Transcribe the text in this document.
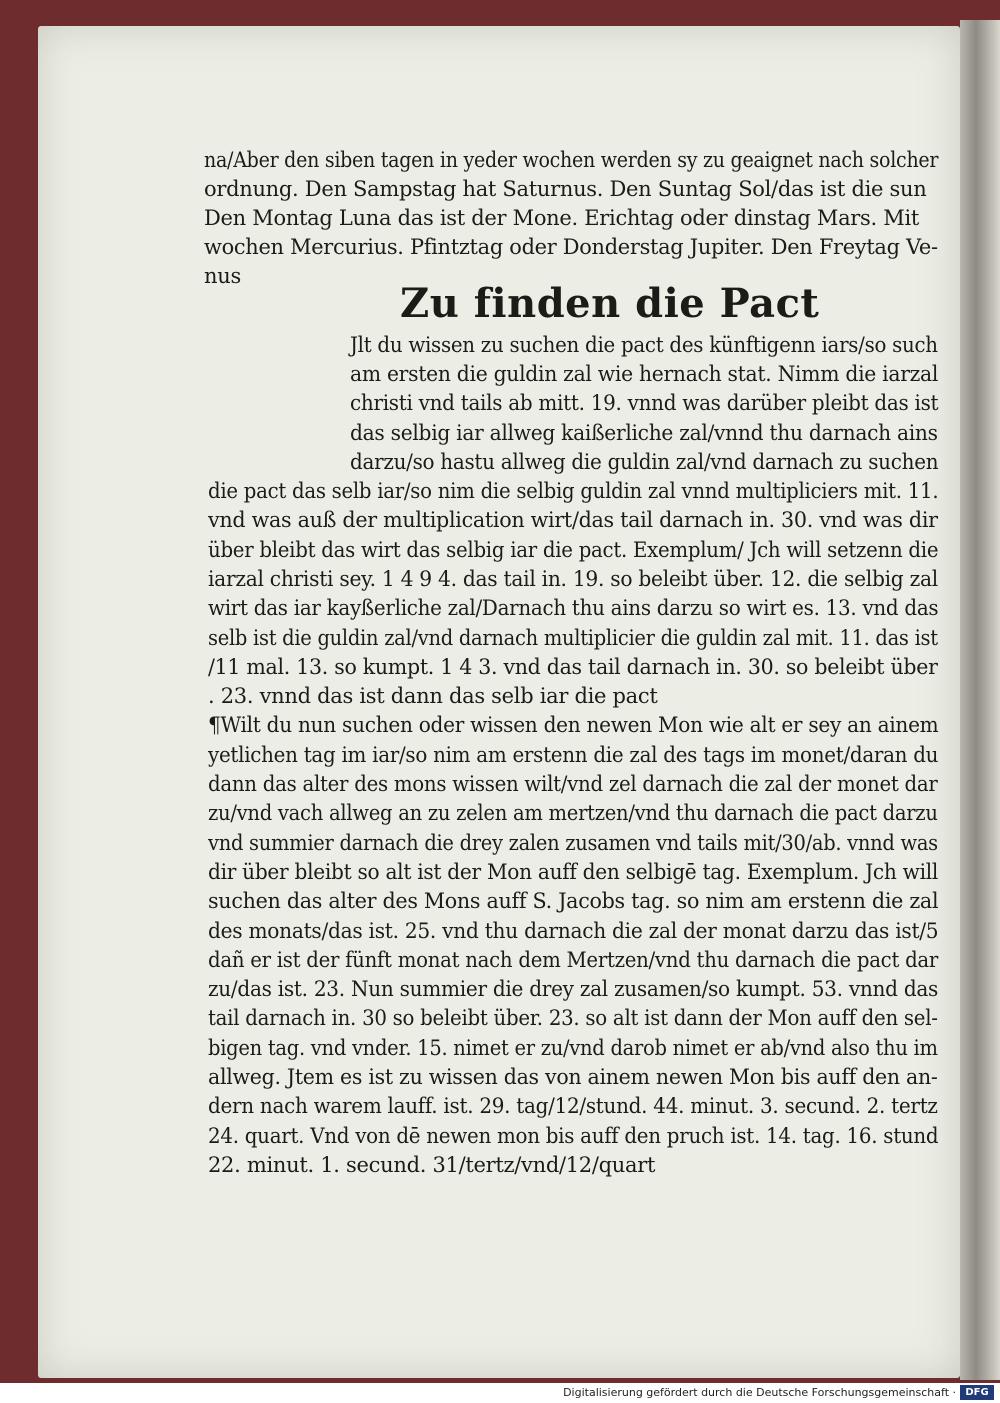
na/Aber den siben tagen in yeder wochen werden sy zu geaignet nach solcher
ordnung. Den Sampstag hat Saturnus. Den Suntag Sol/das ist die sun
Den Montag Luna das ist der Mone. Erichtag oder dinstag Mars. Mit
wochen Mercurius. Pfintztag oder Donderstag Jupiter. Den Freytag Ve-
nus
Zu finden die Pact
Jlt du wissen zu suchen die pact des künftigenn iars/so such
am ersten die guldin zal wie hernach stat. Nimm die iarzal
christi vnd tails ab mitt. 19. vnnd was darüber pleibt das ist
das selbig iar allweg kaißerliche zal/vnnd thu darnach ains
darzu/so hastu allweg die guldin zal/vnd darnach zu suchen
die pact das selb iar/so nim die selbig guldin zal vnnd multipliciers mit. 11.
vnd was auß der multiplication wirt/das tail darnach in. 30. vnd was dir
über bleibt das wirt das selbig iar die pact. Exemplum/ Jch will setzenn die
iarzal christi sey. 1 4 9 4. das tail in. 19. so beleibt über. 12. die selbig zal
wirt das iar kayßerliche zal/Darnach thu ains darzu so wirt es. 13. vnd das
selb ist die guldin zal/vnd darnach multiplicier die guldin zal mit. 11. das ist
/11 mal. 13. so kumpt. 1 4 3. vnd das tail darnach in. 30. so beleibt über
. 23. vnnd das ist dann das selb iar die pact
¶Wilt du nun suchen oder wissen den newen Mon wie alt er sey an ainem
yetlichen tag im iar/so nim am erstenn die zal des tags im monet/daran du
dann das alter des mons wissen wilt/vnd zel darnach die zal der monet dar
zu/vnd vach allweg an zu zelen am mertzen/vnd thu darnach die pact darzu
vnd summier darnach die drey zalen zusamen vnd tails mit/30/ab. vnnd was
dir über bleibt so alt ist der Mon auff den selbigē tag. Exemplum. Jch will
suchen das alter des Mons auff S. Jacobs tag. so nim am erstenn die zal
des monats/das ist. 25. vnd thu darnach die zal der monat darzu das ist/5
dañ er ist der fünft monat nach dem Mertzen/vnd thu darnach die pact dar
zu/das ist. 23. Nun summier die drey zal zusamen/so kumpt. 53. vnnd das
tail darnach in. 30 so beleibt über. 23. so alt ist dann der Mon auff den sel-
bigen tag. vnd vnder. 15. nimet er zu/vnd darob nimet er ab/vnd also thu im
allweg. Jtem es ist zu wissen das von ainem newen Mon bis auff den an-
dern nach warem lauff. ist. 29. tag/12/stund. 44. minut. 3. secund. 2. tertz
24. quart. Vnd von dē newen mon bis auff den pruch ist. 14. tag. 16. stund
22. minut. 1. secund. 31/tertz/vnd/12/quart
Digitalisierung gefördert durch die Deutsche Forschungsgemeinschaft · DFG
